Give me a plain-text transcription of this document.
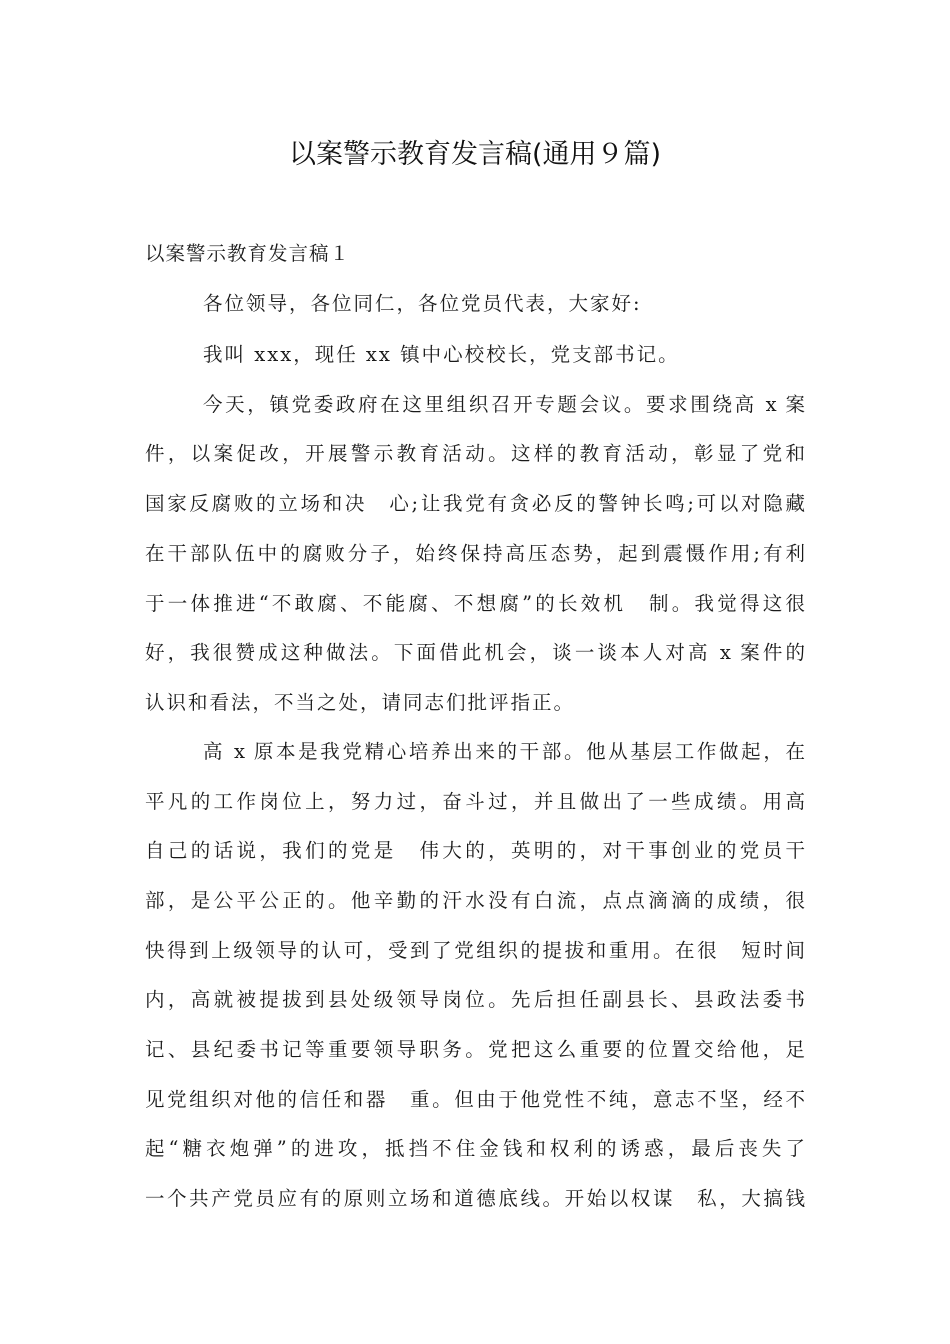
以案警示教育发言稿(通用９篇)
以案警示教育发言稿１
各位领导，各位同仁，各位党员代表，大家好:
我叫 xxx，现任 xx 镇中心校校长，党支部书记。
今天，镇党委政府在这里组织召开专题会议。要求围绕高 x 案
件，以案促改，开展警示教育活动。这样的教育活动，彰显了党和
国家反腐败的立场和决　心;让我党有贪必反的警钟长鸣;可以对隐藏
在干部队伍中的腐败分子，始终保持高压态势，起到震慑作用;有利
于一体推进“不敢腐、不能腐、不想腐”的长效机　制。我觉得这很
好，我很赞成这种做法。下面借此机会，谈一谈本人对高 x 案件的
认识和看法，不当之处，请同志们批评指正。
高 x 原本是我党精心培养出来的干部。他从基层工作做起，在
平凡的工作岗位上，努力过，奋斗过，并且做出了一些成绩。用高
自己的话说，我们的党是　伟大的，英明的，对干事创业的党员干
部，是公平公正的。他辛勤的汗水没有白流，点点滴滴的成绩，很
快得到上级领导的认可，受到了党组织的提拔和重用。在很　短时间
内，高就被提拔到县处级领导岗位。先后担任副县长、县政法委书
记、县纪委书记等重要领导职务。党把这么重要的位置交给他，足
见党组织对他的信任和器　重。但由于他党性不纯，意志不坚，经不
起“糖衣炮弹”的进攻，抵挡不住金钱和权利的诱惑，最后丧失了
一个共产党员应有的原则立场和道德底线。开始以权谋　私，大搞钱
